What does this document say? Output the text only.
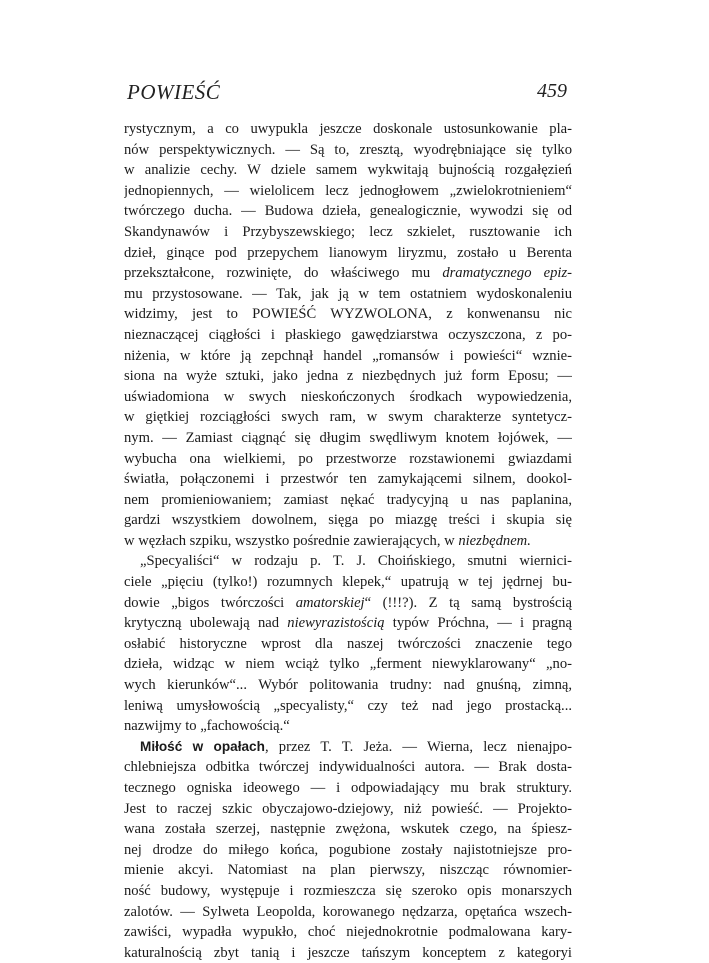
POWIEŚĆ	459
rystycznym, a co uwypukla jeszcze doskonale ustosunkowanie pla-
nów perspektywicznych. — Są to, zresztą, wyodrębniające się tylko
w analizie cechy. W dziele samem wykwitają bujnością rozgałęzień
jednopiennych, — wielolicem lecz jednogłowem „zwielokrotnieniem“
twórczego ducha. — Budowa dzieła, genealogicznie, wywodzi się od
Skandynawów i Przybyszewskiego; lecz szkielet, rusztowanie ich
dzieł, ginące pod przepychem lianowym liryzmu, zostało u Berenta
przekształcone, rozwinięte, do właściwego mu dramatycznego epiz-
mu przystosowane. — Tak, jak ją w tem ostatniem wydoskonaleniu
widzimy, jest to POWIEŚĆ WYZWOLONA, z konwenansu nic
nieznaczącej ciągłości i płaskiego gawędziarstwa oczyszczona, z po-
niżenia, w które ją zepchnął handel „romansów i powieści“ wznie-
siona na wyże sztuki, jako jedna z niezbędnych już form Eposu; —
uświadomiona w swych nieskończonych środkach wypowiedzenia,
w giętkiej rozciągłości swych ram, w swym charakterze syntetycz-
nym. — Zamiast ciągnąć się długim swędliwym knotem łojówek, —
wybucha ona wielkiemi, po przestworze rozstawionemi gwiazdami
światła, połączonemi i przestwór ten zamykającemi silnem, dookol-
nem promieniowaniem; zamiast nękać tradycyjną u nas paplanina,
gardzi wszystkiem dowolnem, sięga po miazgę treści i skupia się
w węzłach szpiku, wszystko pośrednie zawierających, w niezbędnem.
„Specyaliści“ w rodzaju p. T. J. Choińskiego, smutni wiernici-
ciele „pięciu (tylko!) rozumnych klepek,“ upatrują w tej jędrnej bu-
dowie „bigos twórczości amatorskiej“ (!!!?). Z tą samą bystrością
krytyczną ubolewają nad niewyrazistością typów Próchna, — i pragną
osłabić historyczne wprost dla naszej twórczości znaczenie tego
dzieła, widząc w niem wciąż tylko „ferment niewyklarowany“ „no-
wych kierunków“... Wybór politowania trudny: nad gnuśną, zimną,
leniwą umysłowością „specyalisty,“ czy też nad jego prostacką...
nazwijmy to „fachowością.“
Miłość w opałach, przez T. T. Jeża. — Wierna, lecz nienajpo-
chlebniejsza odbitka twórczej indywidualności autora. — Brak dosta-
tecznego ogniska ideowego — i odpowiadający mu brak struktury.
Jest to raczej szkic obyczajowo-dziejowy, niż powieść. — Projekto-
wana została szerzej, następnie zwężona, wskutek czego, na śpiesz-
nej drodze do miłego końca, pogubione zostały najistotniejsze pro-
mienie akcyi. Natomiast na plan pierwszy, niszcząc równomier-
ność budowy, występuje i rozmieszcza się szeroko opis monarszych
zalotów. — Sylweta Leopolda, korowanego nędzarza, opętańca wszech-
zawiści, wypadła wypukło, choć niejednokrotnie podmalowana kary-
katuralnością zbyt tanią i jeszcze tańszym konceptem z kategoryi
